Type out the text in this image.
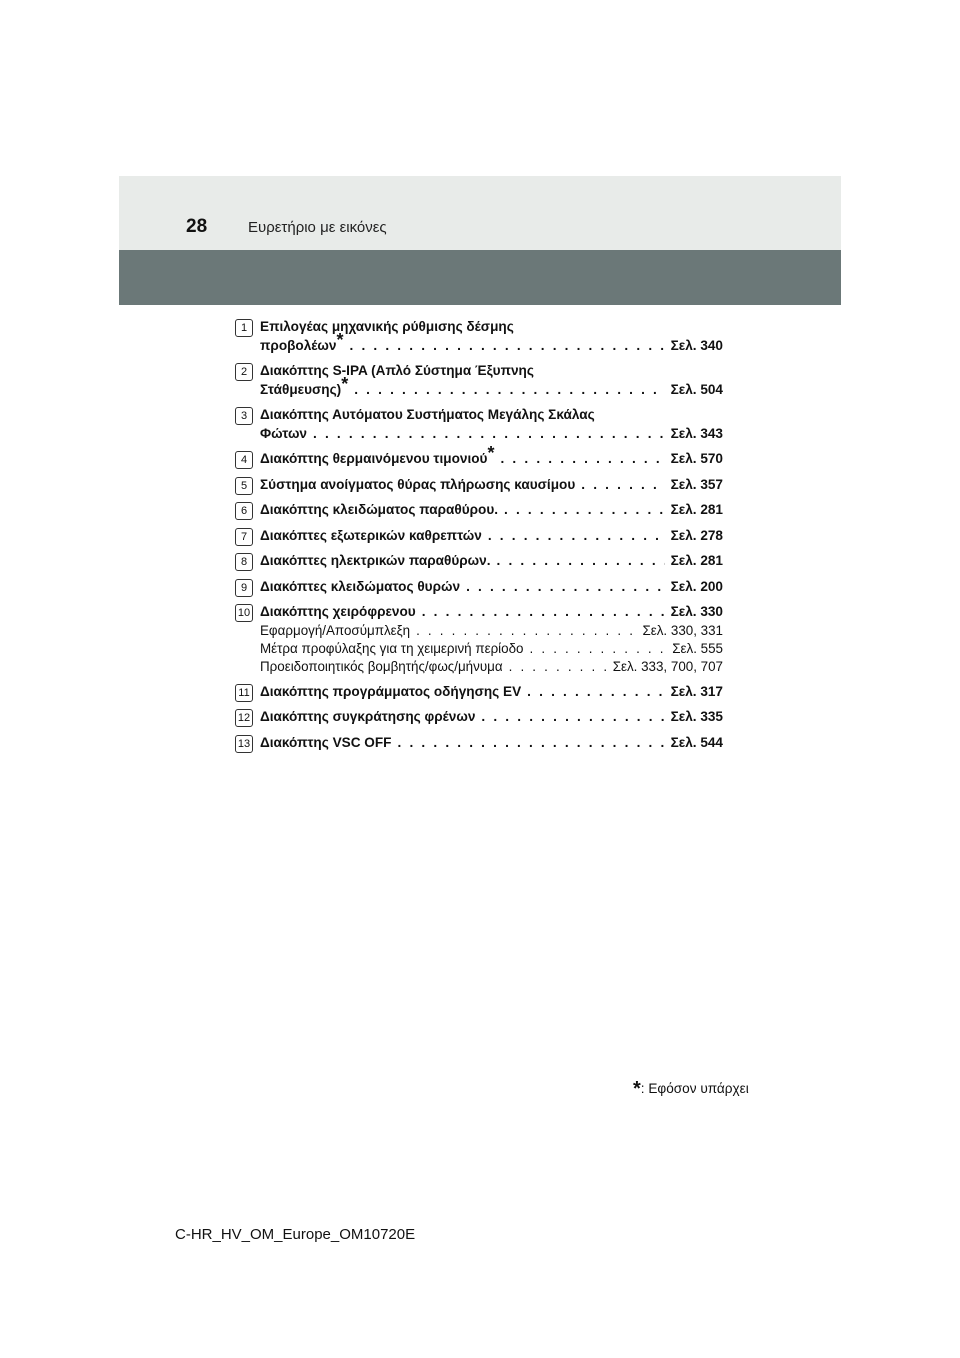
28	Ευρετήριο με εικόνες
1 Επιλογέας μηχανικής ρύθμισης δέσμης
προβολέων* . . .	Σελ. 340
2 Διακόπτης S-IPA (Απλό Σύστημα Έξυπνης
Στάθμευσης)* . . .	Σελ. 504
3 Διακόπτης Αυτόματου Συστήματος Μεγάλης Σκάλας
Φώτων . . .	Σελ. 343
4 Διακόπτης θερμαινόμενου τιμονιού* . . .	Σελ. 570
5 Σύστημα ανοίγματος θύρας πλήρωσης καυσίμου . . .	Σελ. 357
6 Διακόπτης κλειδώματος παραθύρου. . . .	Σελ. 281
7 Διακόπτες εξωτερικών καθρεπτών . . .	Σελ. 278
8 Διακόπτες ηλεκτρικών παραθύρων. . . .	Σελ. 281
9 Διακόπτες κλειδώματος θυρών . . .	Σελ. 200
10 Διακόπτης χειρόφρενου . . .	Σελ. 330
Εφαρμογή/Αποσύμπλεξη . . .	Σελ. 330, 331
Μέτρα προφύλαξης για τη χειμερινή περίοδο . . .	Σελ. 555
Προειδοποιητικός βομβητής/φως/μήνυμα . . .	Σελ. 333, 700, 707
11 Διακόπτης προγράμματος οδήγησης EV . . .	Σελ. 317
12 Διακόπτης συγκράτησης φρένων . . .	Σελ. 335
13 Διακόπτης VSC OFF . . .	Σελ. 544
*: Εφόσον υπάρχει
C-HR_HV_OM_Europe_OM10720E
